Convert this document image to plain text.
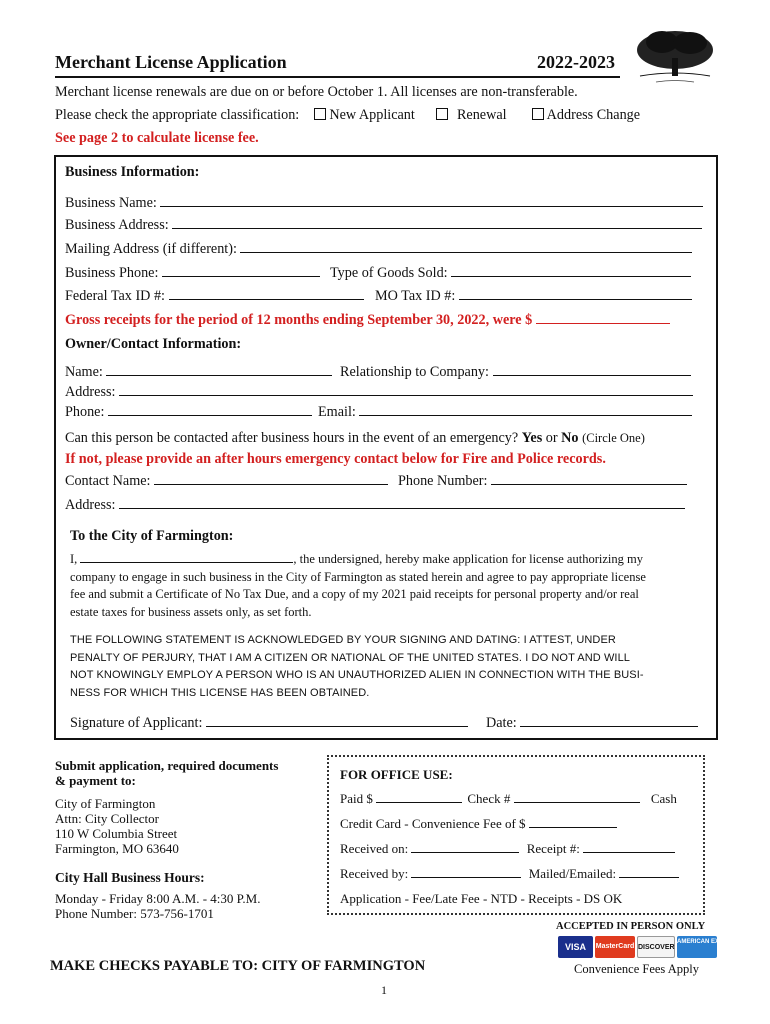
Merchant License Application	2022-2023
Merchant license renewals are due on or before October 1. All licenses are non-transferable.
Please check the appropriate classification: New Applicant	Renewal	Address Change
See page 2 to calculate license fee.
Business Information:
Business Name:
Business Address:
Mailing Address (if different):
Business Phone:	Type of Goods Sold:
Federal Tax ID #:	MO Tax ID #:
Gross receipts for the period of 12 months ending September 30, 2022, were $
Owner/Contact Information:
Name:	Relationship to Company:
Address:
Phone:	Email:
Can this person be contacted after business hours in the event of an emergency? Yes or No (Circle One)
If not, please provide an after hours emergency contact below for Fire and Police records.
Contact Name:	Phone Number:
Address:
To the City of Farmington:
I,	, the undersigned, hereby make application for license authorizing my
company to engage in such business in the City of Farmington as stated herein and agree to pay appropriate license
fee and submit a Certificate of No Tax Due, and a copy of my 2021 paid receipts for personal property and/or real
estate taxes for business assets only, as set forth.
THE FOLLOWING STATEMENT IS ACKNOWLEDGED BY YOUR SIGNING AND DATING: I ATTEST, UNDER
PENALTY OF PERJURY, THAT I AM A CITIZEN OR NATIONAL OF THE UNITED STATES. I DO NOT AND WILL
NOT KNOWINGLY EMPLOY A PERSON WHO IS AN UNAUTHORIZED ALIEN IN CONNECTION WITH THE BUSI-
NESS FOR WHICH THIS LICENSE HAS BEEN OBTAINED.
Signature of Applicant:	Date:
Submit application, required documents
& payment to:
City of Farmington
Attn: City Collector
110 W Columbia Street
Farmington, MO 63640
City Hall Business Hours:
Monday - Friday 8:00 A.M. - 4:30 P.M.
Phone Number: 573-756-1701
FOR OFFICE USE:
Paid $	Check #	Cash
Credit Card - Convenience Fee of $
Received on:	Receipt #:
Received by:	Mailed/Emailed:
Application - Fee/Late Fee - NTD - Receipts - DS OK
ACCEPTED IN PERSON ONLY
VISA MasterCard DISCOVERAMERICAN EXPRESS
Convenience Fees Apply
MAKE CHECKS PAYABLE TO: CITY OF FARMINGTON
1
